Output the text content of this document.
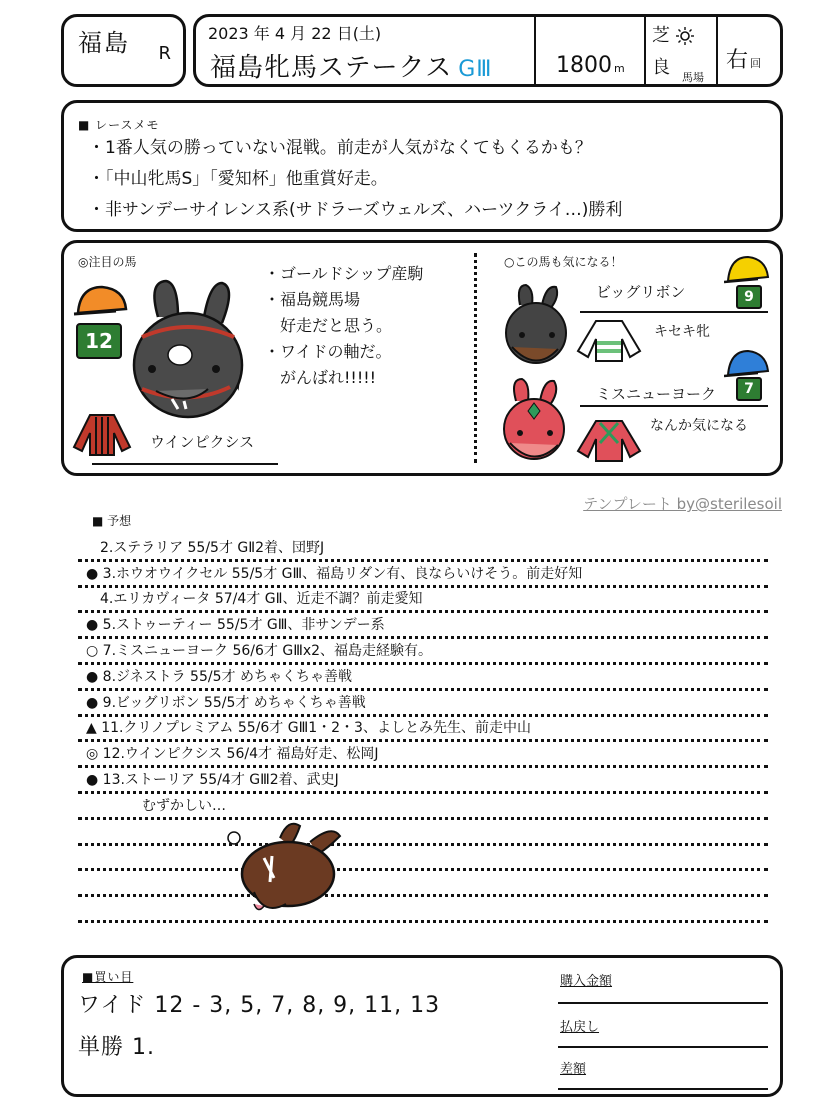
福島 R
2023 年 4 月 22 日(土)
福島牝馬ステークス GⅢ	1800 m
芝
良 馬場
右回
■ レースメモ
・1番人気の勝っていない混戦。前走が人気がなくてもくるかも？
・「中山牝馬S」「愛知杯」他重賞好走。
・非サンデーサイレンス系(サドラーズウェルズ、ハーツクライ…)勝利
◎注目の馬
12
ウインピクシス
・ゴールドシップ産駒
・福島競馬場
　好走だと思う。
・ワイドの軸だ。
　がんばれ!!!!!
○この馬も気になる！
ビッグリボン	9
キセキ牝
ミスニューヨーク	7
なんか気になる
テンプレート by@sterilesoil
■ 予想
　2.ステラリア 55/5才 GⅡ2着、団野J
● 3.ホウオウイクセル 55/5才 GⅢ、福島リダン有、良ならいけそう。前走好知
　4.エリカヴィータ 57/4才 GⅡ、近走不調？前走愛知
● 5.ストゥーティー 55/5才 GⅢ、非サンデー系
○ 7.ミスニューヨーク 56/6才 GⅢx2、福島走経験有。
● 8.ジネストラ 55/5才 めちゃくちゃ善戦
● 9.ビッグリボン 55/5才 めちゃくちゃ善戦
▲ 11.クリノプレミアム 55/6才 GⅢ1・2・3、よしとみ先生、前走中山
◎ 12.ウインピクシス 56/4才 福島好走、松岡J
● 13.ストーリア 55/4才 GⅢ2着、武史J
　むずかしい…
■買い目
ワイド 12 - 3, 5, 7, 8, 9, 11, 13
単勝 1.
購入金額
払戻し
差額
